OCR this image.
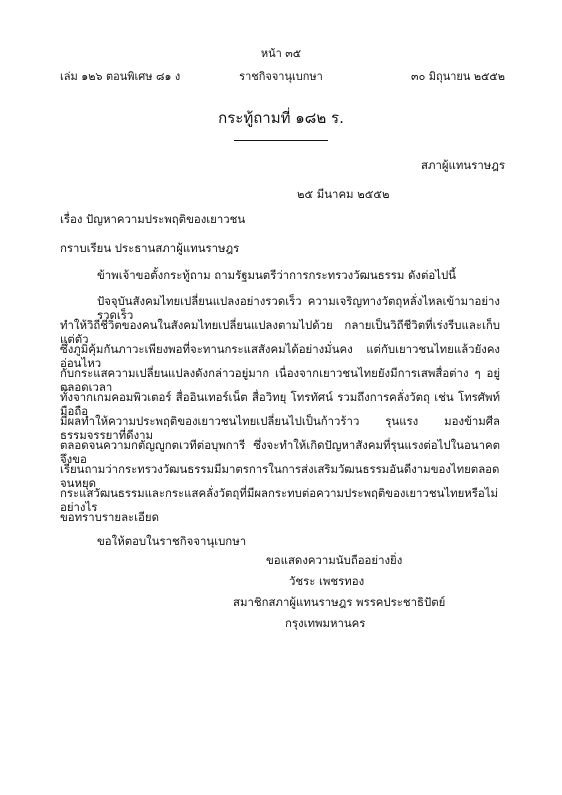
หน้า ๓๕
เล่ม ๑๒๖ ตอนพิเศษ ๘๑ ง	ราชกิจจานุเบกษา	๓๐ มิถุนายน ๒๕๕๒
กระทู้ถามที่ ๑๘๒ ร.
สภาผู้แทนราษฎร
๒๕ มีนาคม ๒๕๕๒
เรื่อง ปัญหาความประพฤติของเยาวชน
กราบเรียน ประธานสภาผู้แทนราษฎร
ข้าพเจ้าขอตั้งกระทู้ถาม ถามรัฐมนตรีว่าการกระทรวงวัฒนธรรม ดังต่อไปนี้
ปัจจุบันสังคมไทยเปลี่ยนแปลงอย่างรวดเร็ว ความเจริญทางวัตถุหลั่งไหลเข้ามาอย่างรวดเร็ว
ทำให้วิถีชีวิตของคนในสังคมไทยเปลี่ยนแปลงตามไปด้วย กลายเป็นวิถีชีวิตที่เร่งรีบและเก็บแต่ตัว
ซึ่งภูมิคุ้มกันภาวะเพียงพอที่จะทานกระแสสังคมได้อย่างมั่นคง แต่กับเยาวชนไทยแล้วยังคงอ่อนไหว
กับกระแสความเปลี่ยนแปลงดังกล่าวอยู่มาก เนื่องจากเยาวชนไทยยังมีการเสพสื่อต่าง ๆ อยู่ตลอดเวลา
ทั้งจากเกมคอมพิวเตอร์ สื่ออินเทอร์เน็ต สื่อวิทยุ โทรทัศน์ รวมถึงการคลั่งวัตถุ เช่น โทรศัพท์มือถือ
มีผลทำให้ความประพฤติของเยาวชนไทยเปลี่ยนไปเป็นก้าวร้าว รุนแรง มองข้ามศีลธรรมจรรยาที่ดีงาม
ตลอดจนความกตัญญูกตเวทีต่อบุพการี ซึ่งจะทำให้เกิดปัญหาสังคมที่รุนแรงต่อไปในอนาคต จึงขอ
เรียนถามว่ากระทรวงวัฒนธรรมมีมาตรการในการส่งเสริมวัฒนธรรมอันดีงามของไทยตลอดจนหยุด
กระแสวัฒนธรรมและกระแสคลั่งวัตถุที่มีผลกระทบต่อความประพฤติของเยาวชนไทยหรือไม่อย่างไร
ขอทราบรายละเอียด
ขอให้ตอบในราชกิจจานุเบกษา
ขอแสดงความนับถืออย่างยิ่ง
วัชระ เพชรทอง
สมาชิกสภาผู้แทนราษฎร พรรคประชาธิปัตย์
กรุงเทพมหานคร
